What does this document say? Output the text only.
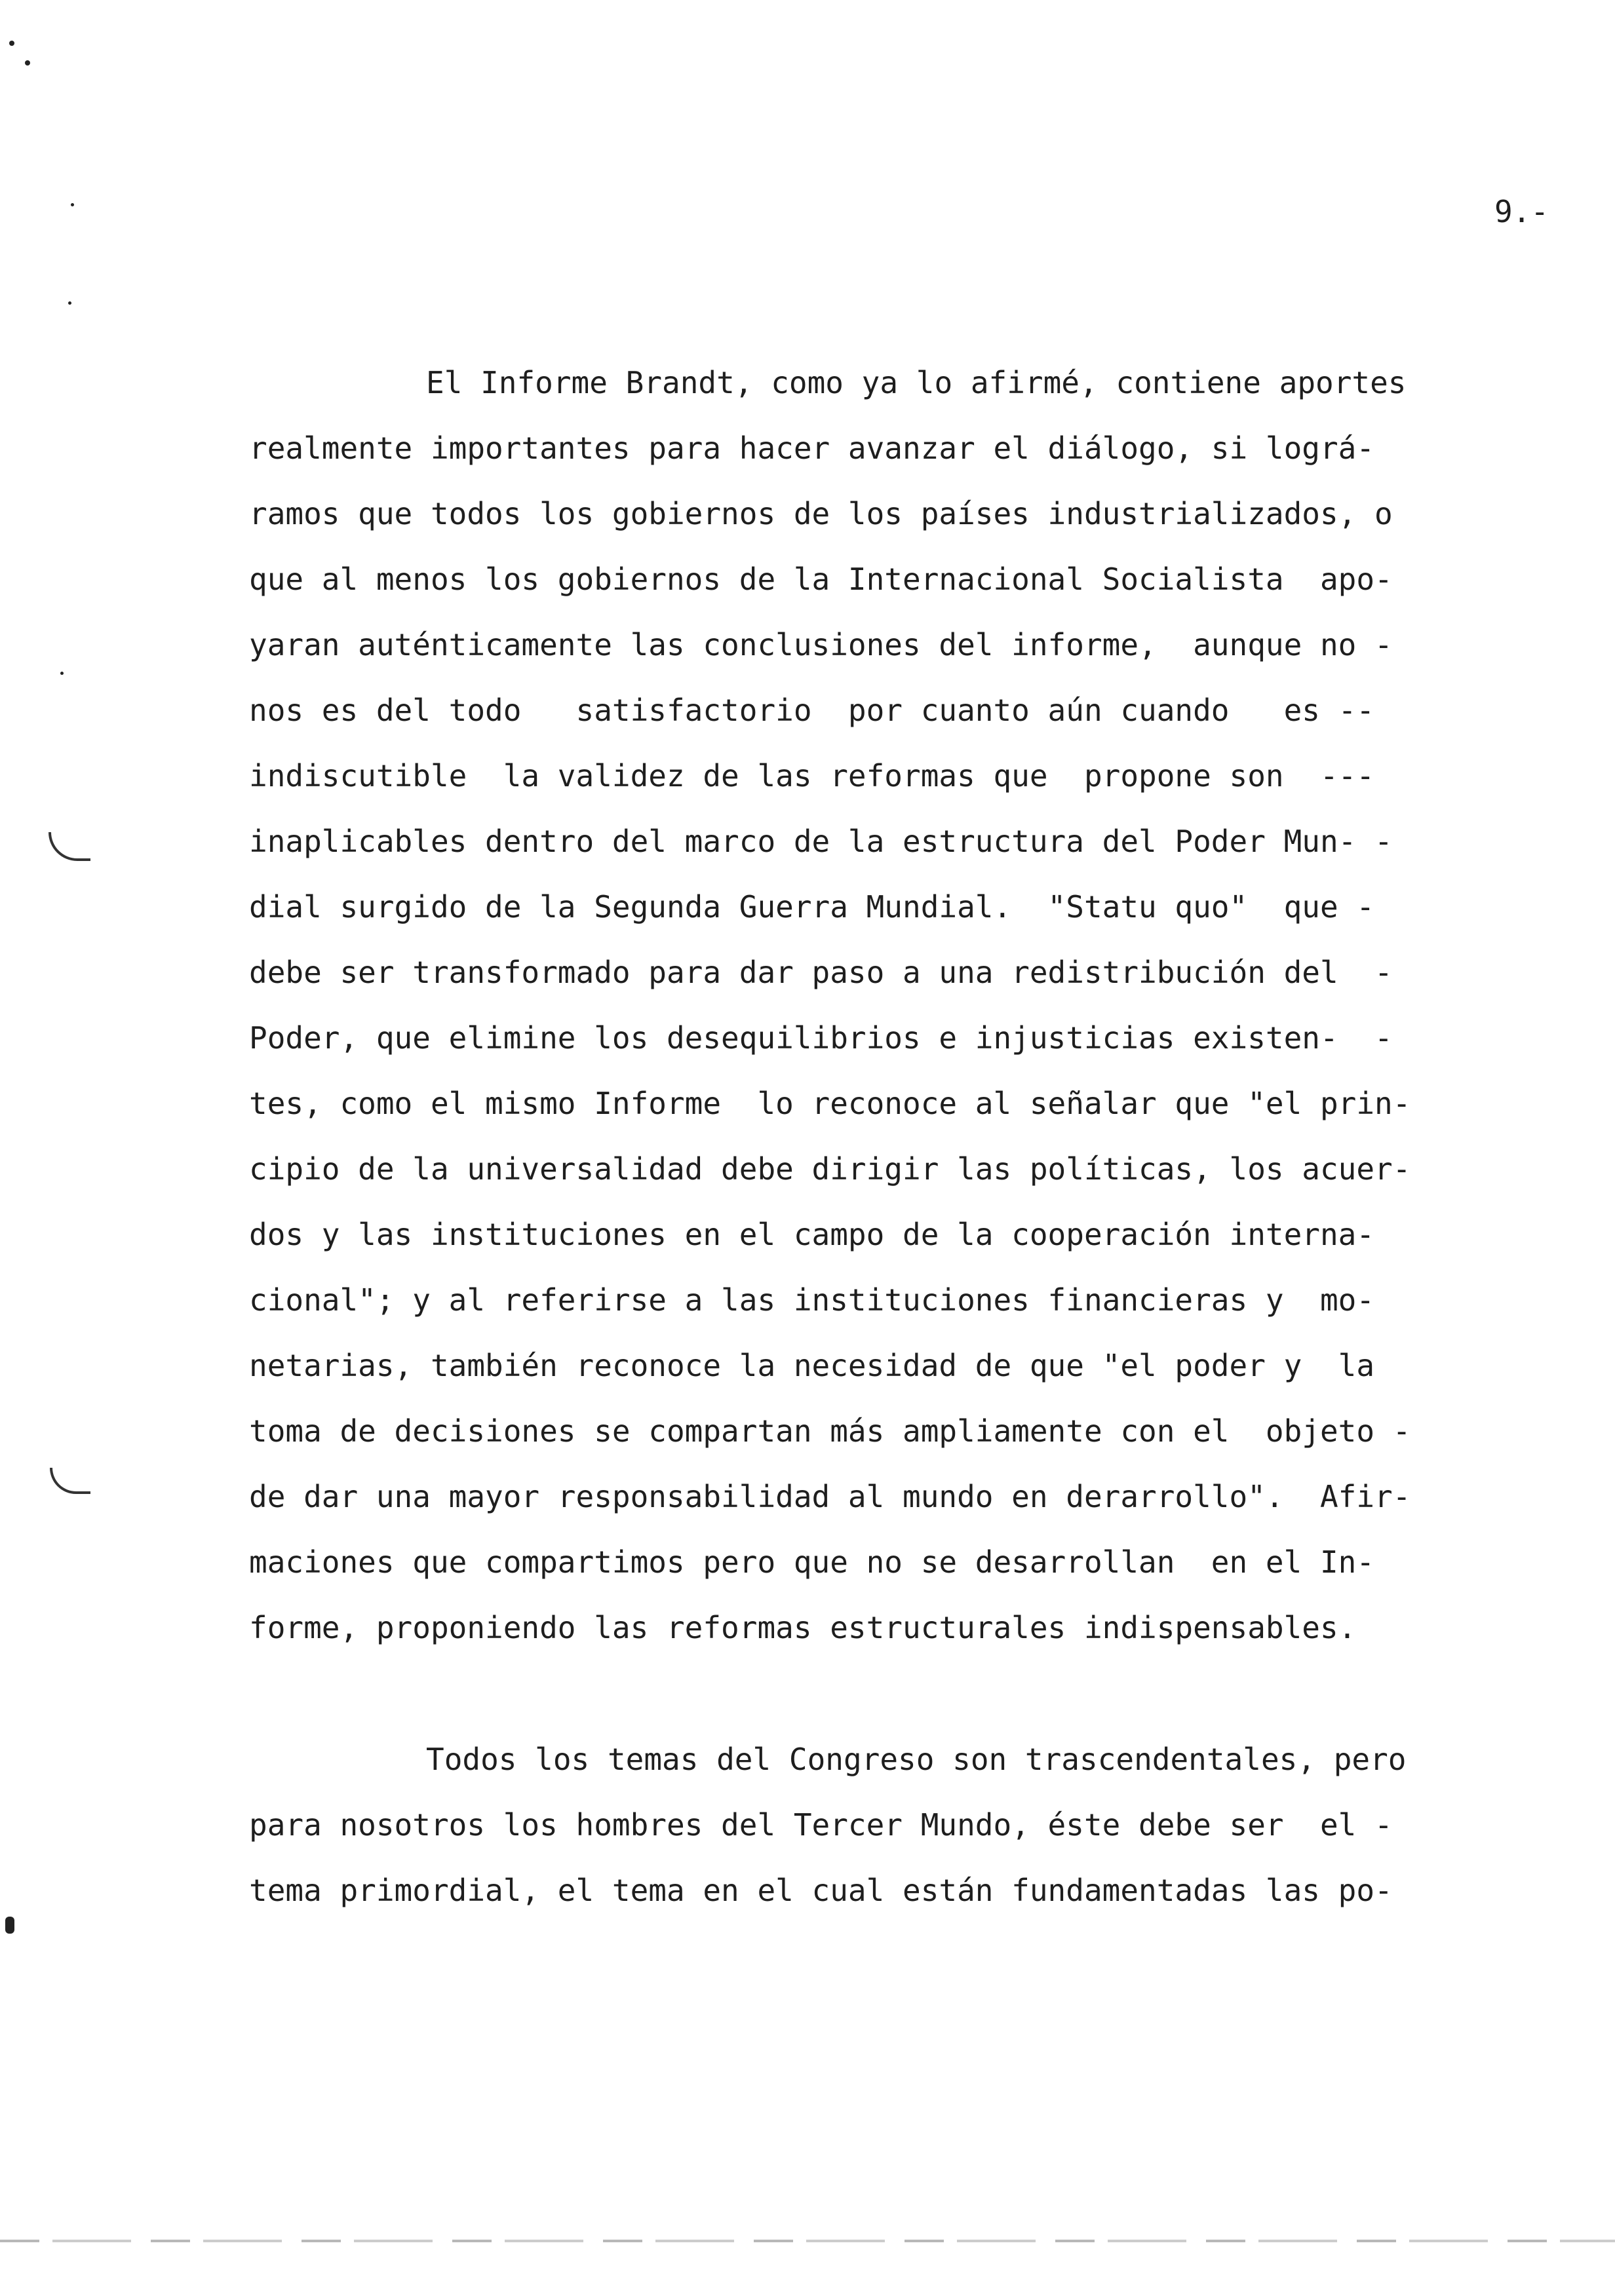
9.-
El Informe Brandt, como ya lo afirmé, contiene aportes
realmente importantes para hacer avanzar el diálogo, si lográ-
ramos que todos los gobiernos de los países industrializados, o
que al menos los gobiernos de la Internacional Socialista  apo-
yaran auténticamente las conclusiones del informe,  aunque no -
nos es del todo   satisfactorio  por cuanto aún cuando   es --
indiscutible  la validez de las reformas que  propone son  ---
inaplicables dentro del marco de la estructura del Poder Mun- -
dial surgido de la Segunda Guerra Mundial.  "Statu quo"  que -
debe ser transformado para dar paso a una redistribución del  -
Poder, que elimine los desequilibrios e injusticias existen-  -
tes, como el mismo Informe  lo reconoce al señalar que "el prin-
cipio de la universalidad debe dirigir las políticas, los acuer-
dos y las instituciones en el campo de la cooperación interna-
cional"; y al referirse a las instituciones financieras y  mo-
netarias, también reconoce la necesidad de que "el poder y  la
toma de decisiones se compartan más ampliamente con el  objeto -
de dar una mayor responsabilidad al mundo en derarrollo".  Afir-
maciones que compartimos pero que no se desarrollan  en el In-
forme, proponiendo las reformas estructurales indispensables.
Todos los temas del Congreso son trascendentales, pero
para nosotros los hombres del Tercer Mundo, éste debe ser  el -
tema primordial, el tema en el cual están fundamentadas las po-
